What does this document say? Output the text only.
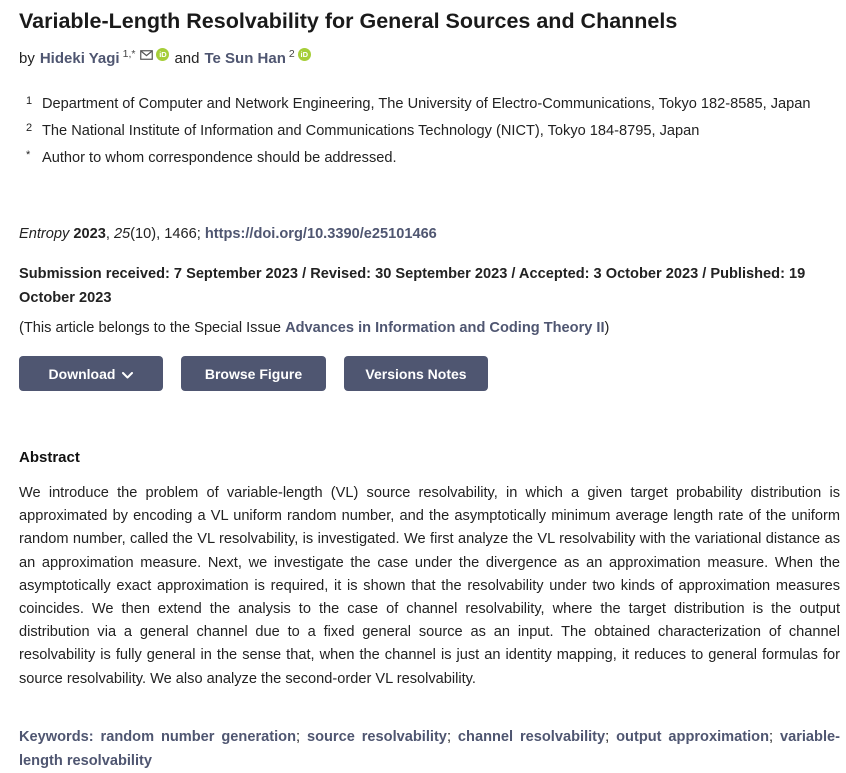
Variable-Length Resolvability for General Sources and Channels
by Hideki Yagi 1,*	iD and Te Sun Han 2 iD
1 Department of Computer and Network Engineering, The University of Electro-Communications, Tokyo 182-8585, Japan
2 The National Institute of Information and Communications Technology (NICT), Tokyo 184-8795, Japan
* Author to whom correspondence should be addressed.
Entropy 2023, 25(10), 1466; https://doi.org/10.3390/e25101466
Submission received: 7 September 2023 / Revised: 30 September 2023 / Accepted: 3 October 2023 / Published: 19 October 2023
(This article belongs to the Special Issue Advances in Information and Coding Theory II)
Download	Browse Figure	Versions Notes
Abstract

We introduce the problem of variable-length (VL) source resolvability, in which a given target probability distribution is approximated by encoding a VL uniform random number, and the asymptotically minimum average length rate of the uniform random number, called the VL resolvability, is investigated. We first analyze the VL resolvability with the variational distance as an approximation measure. Next, we investigate the case under the divergence as an approximation measure. When the asymptotically exact approximation is required, it is shown that the resolvability under two kinds of approximation measures coincides. We then extend the analysis to the case of channel resolvability, where the target distribution is the output distribution via a general channel due to a fixed general source as an input. The obtained characterization of channel resolvability is fully general in the sense that, when the channel is just an identity mapping, it reduces to general formulas for source resolvability. We also analyze the second-order VL resolvability.

Keywords: random number generation; source resolvability; channel resolvability; output approximation; variable-length resolvability
